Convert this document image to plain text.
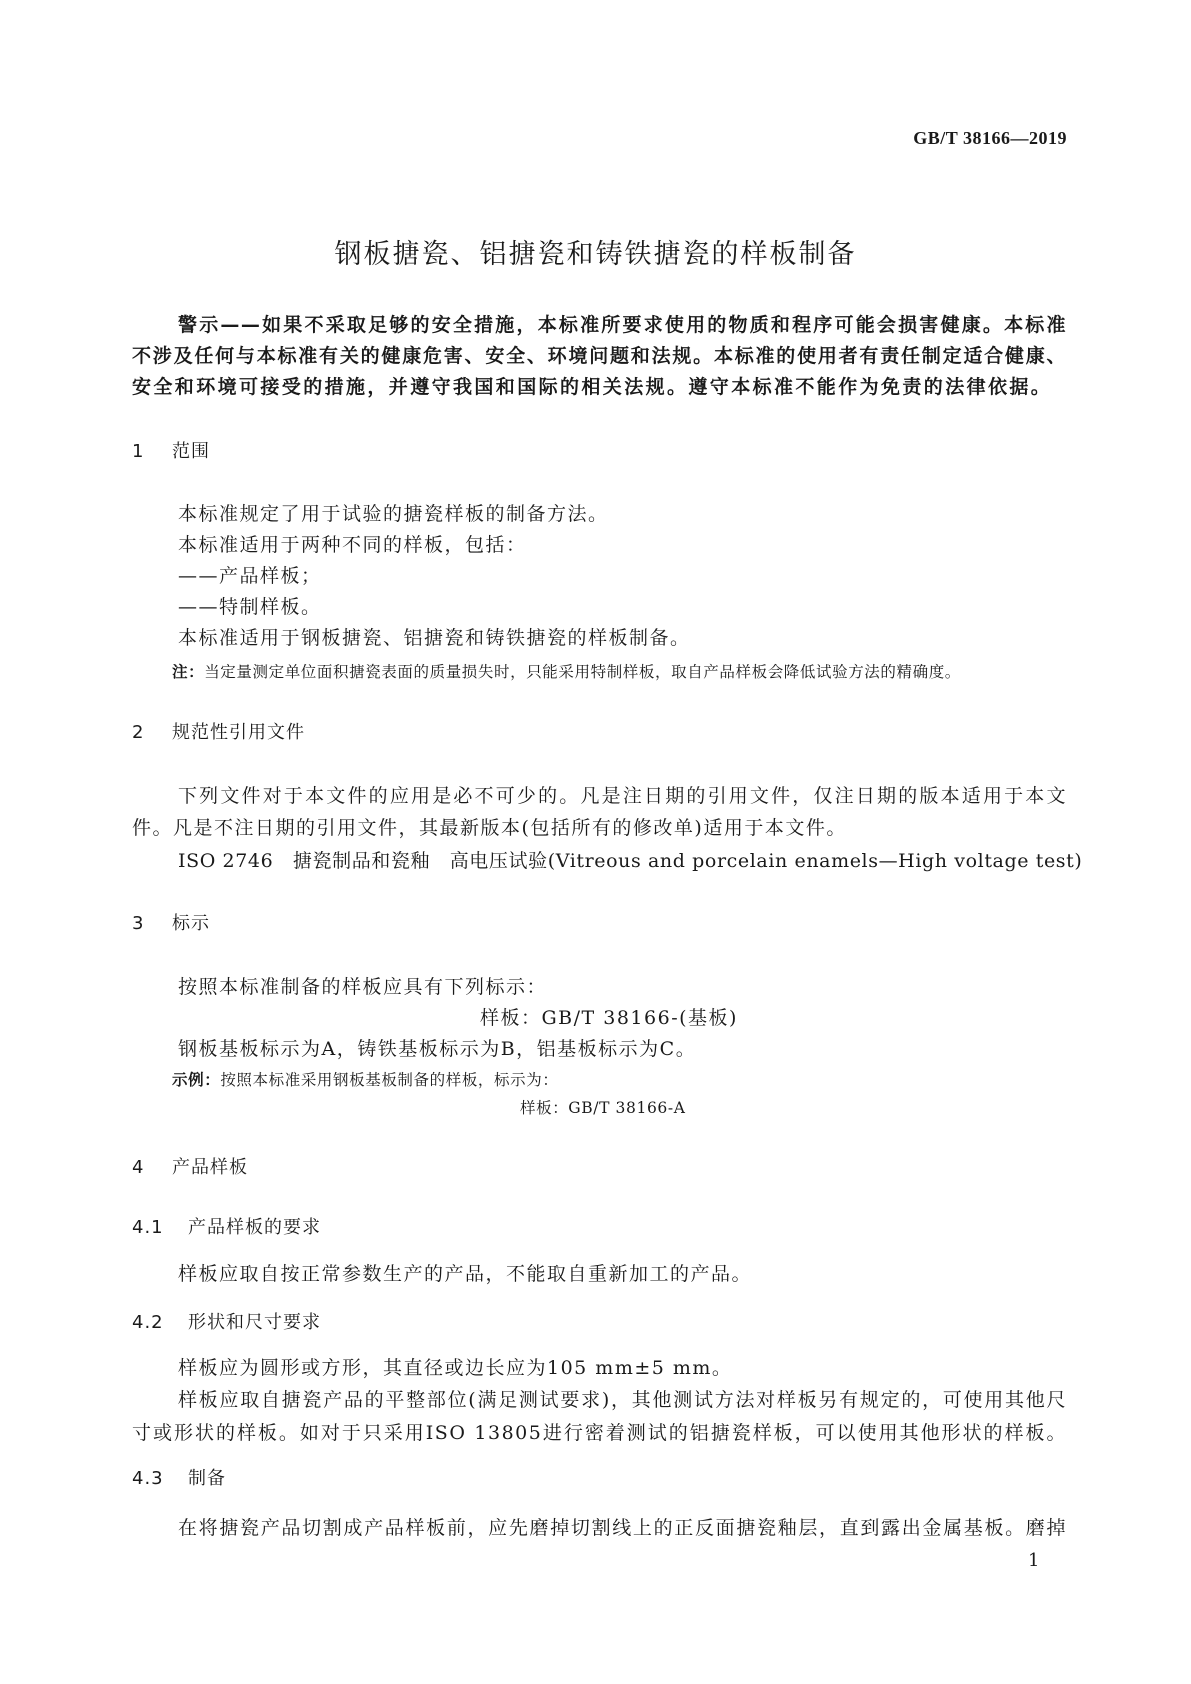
GB/T 38166—2019
钢板搪瓷、铝搪瓷和铸铁搪瓷的样板制备
警示——如果不采取足够的安全措施，本标准所要求使用的物质和程序可能会损害健康。本标准
不涉及任何与本标准有关的健康危害、安全、环境问题和法规。本标准的使用者有责任制定适合健康、
安全和环境可接受的措施，并遵守我国和国际的相关法规。遵守本标准不能作为免责的法律依据。
1 范围
本标准规定了用于试验的搪瓷样板的制备方法。
本标准适用于两种不同的样板，包括：
——产品样板；
——特制样板。
本标准适用于钢板搪瓷、铝搪瓷和铸铁搪瓷的样板制备。
注：当定量测定单位面积搪瓷表面的质量损失时，只能采用特制样板，取自产品样板会降低试验方法的精确度。
2 规范性引用文件
下列文件对于本文件的应用是必不可少的。凡是注日期的引用文件，仅注日期的版本适用于本文
件。凡是不注日期的引用文件，其最新版本(包括所有的修改单)适用于本文件。
ISO 2746　搪瓷制品和瓷釉　高电压试验(Vitreous and porcelain enamels—High voltage test)
3 标示
按照本标准制备的样板应具有下列标示：
样板：GB/T 38166-(基板)
钢板基板标示为A，铸铁基板标示为B，铝基板标示为C。
示例：按照本标准采用钢板基板制备的样板，标示为：
样板：GB/T 38166-A
4 产品样板
4.1 产品样板的要求
样板应取自按正常参数生产的产品，不能取自重新加工的产品。
4.2 形状和尺寸要求
样板应为圆形或方形，其直径或边长应为105 mm±5 mm。
样板应取自搪瓷产品的平整部位(满足测试要求)，其他测试方法对样板另有规定的，可使用其他尺
寸或形状的样板。如对于只采用ISO 13805进行密着测试的铝搪瓷样板，可以使用其他形状的样板。
4.3 制备
在将搪瓷产品切割成产品样板前，应先磨掉切割线上的正反面搪瓷釉层，直到露出金属基板。磨掉
1
